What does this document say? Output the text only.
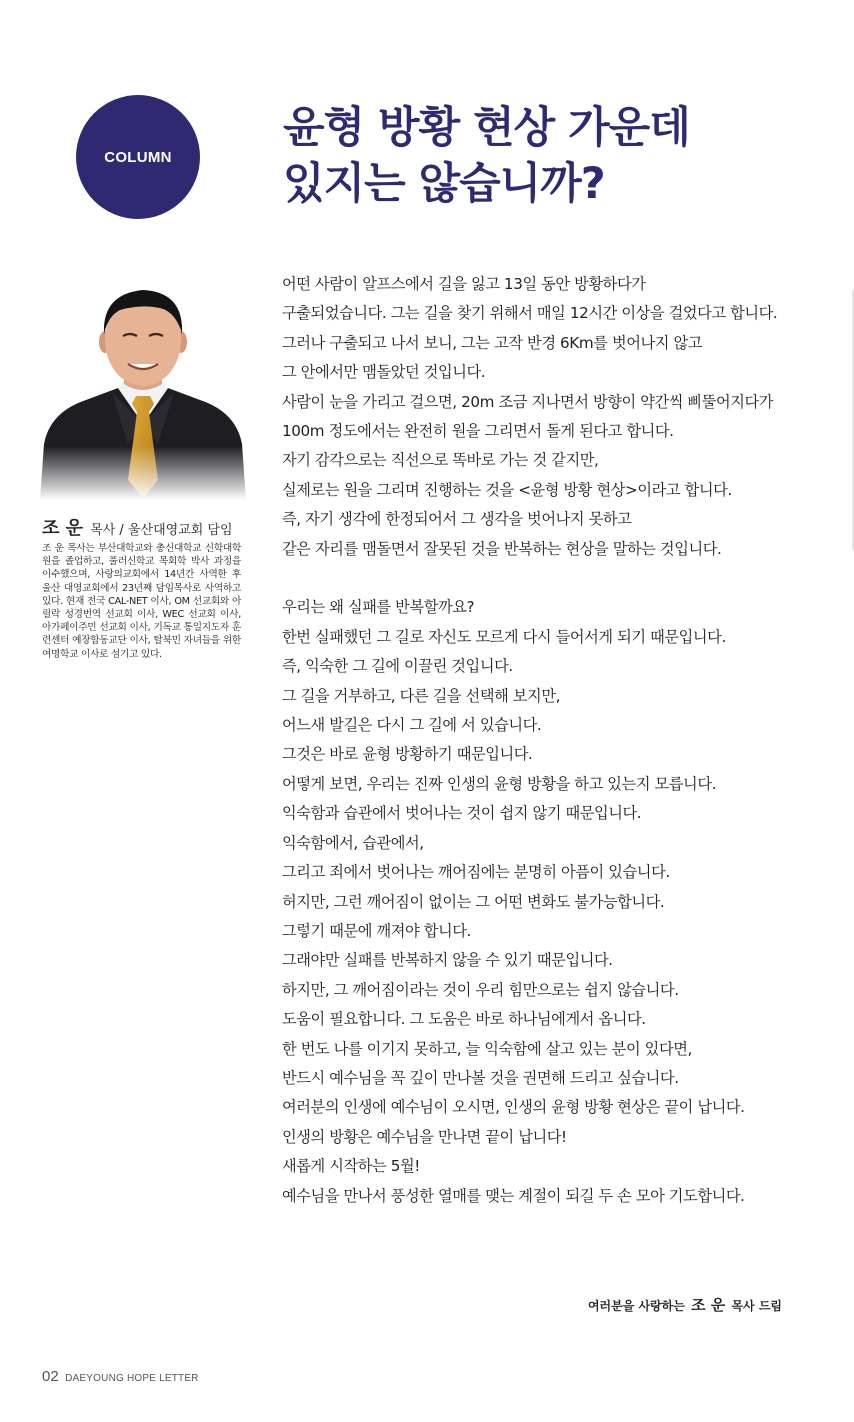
COLUMN
윤형 방황 현상 가운데
있지는 않습니까?
조 운 목사 / 울산대영교회 담임
조 운 목사는 부산대학교와 총신대학교 신학대학원을 졸업하고, 풀러신학교 목회학 박사 과정을 이수했으며, 사랑의교회에서 14년간 사역한 후 울산 대영교회에서 23년째 담임목사로 사역하고 있다. 현재 전국 CAL-NET 이사, OM 선교회와 아릴락 성경번역 선교회 이사, WEC 선교회 이사, 아가페이주민 선교회 이사, 기독교 통일지도자 훈련센터 예장합동교단 이사, 탈북민 자녀들을 위한 여명학교 이사로 섬기고 있다.

어떤 사람이 알프스에서 길을 잃고 13일 동안 방황하다가
구출되었습니다. 그는 길을 찾기 위해서 매일 12시간 이상을 걸었다고 합니다.
그러나 구출되고 나서 보니, 그는 고작 반경 6Km를 벗어나지 않고
그 안에서만 맴돌았던 것입니다.
사람이 눈을 가리고 걸으면, 20m 조금 지나면서 방향이 약간씩 삐뚤어지다가
100m 정도에서는 완전히 원을 그리면서 돌게 된다고 합니다.
자기 감각으로는 직선으로 똑바로 가는 것 같지만,
실제로는 원을 그리며 진행하는 것을 <윤형 방황 현상>이라고 합니다.
즉, 자기 생각에 한정되어서 그 생각을 벗어나지 못하고
같은 자리를 맴돌면서 잘못된 것을 반복하는 현상을 말하는 것입니다.

우리는 왜 실패를 반복할까요?
한번 실패했던 그 길로 자신도 모르게 다시 들어서게 되기 때문입니다.
즉, 익숙한 그 길에 이끌린 것입니다.
그 길을 거부하고, 다른 길을 선택해 보지만,
어느새 발길은 다시 그 길에 서 있습니다.
그것은 바로 윤형 방황하기 때문입니다.
어떻게 보면, 우리는 진짜 인생의 윤형 방황을 하고 있는지 모릅니다.
익숙함과 습관에서 벗어나는 것이 쉽지 않기 때문입니다.
익숙함에서, 습관에서,
그리고 죄에서 벗어나는 깨어짐에는 분명히 아픔이 있습니다.
허지만, 그런 깨어짐이 없이는 그 어떤 변화도 불가능합니다.
그렇기 때문에 깨져야 합니다.
그래야만 실패를 반복하지 않을 수 있기 때문입니다.
하지만, 그 깨어짐이라는 것이 우리 힘만으로는 쉽지 않습니다.
도움이 필요합니다. 그 도움은 바로 하나님에게서 옵니다.
한 번도 나를 이기지 못하고, 늘 익숙함에 살고 있는 분이 있다면,
반드시 예수님을 꼭 깊이 만나볼 것을 권면해 드리고 싶습니다.
여러분의 인생에 예수님이 오시면, 인생의 윤형 방황 현상은 끝이 납니다.
인생의 방황은 예수님을 만나면 끝이 납니다!
새롭게 시작하는 5월!
예수님을 만나서 풍성한 열매를 맺는 계절이 되길 두 손 모아 기도합니다.

여러분을 사랑하는 조 운 목사 드림
02 DAEYOUNG HOPE LETTER
